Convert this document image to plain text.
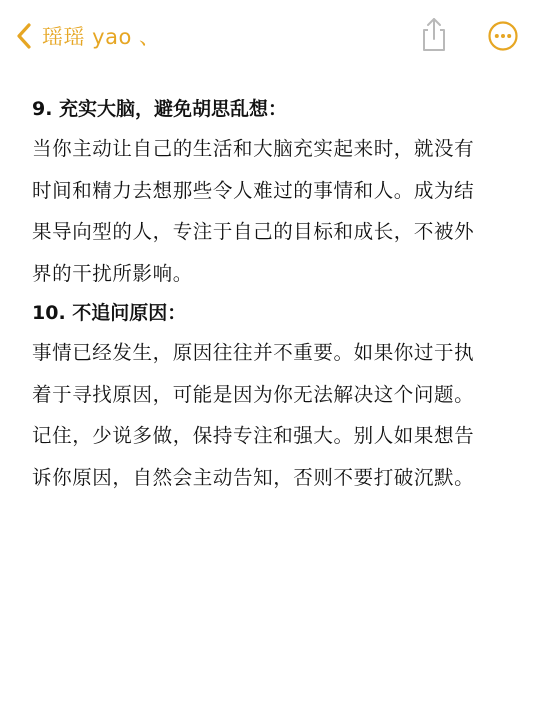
瑶瑶 yao 、

9. 充实大脑，避免胡思乱想：

当你主动让自己的生活和大脑充实起来时，就没有
时间和精力去想那些令人难过的事情和人。成为结
果导向型的人，专注于自己的目标和成长，不被外
界的干扰所影响。

10. 不追问原因：

事情已经发生，原因往往并不重要。如果你过于执
着于寻找原因，可能是因为你无法解决这个问题。
记住，少说多做，保持专注和强大。别人如果想告
诉你原因，自然会主动告知，否则不要打破沉默。
